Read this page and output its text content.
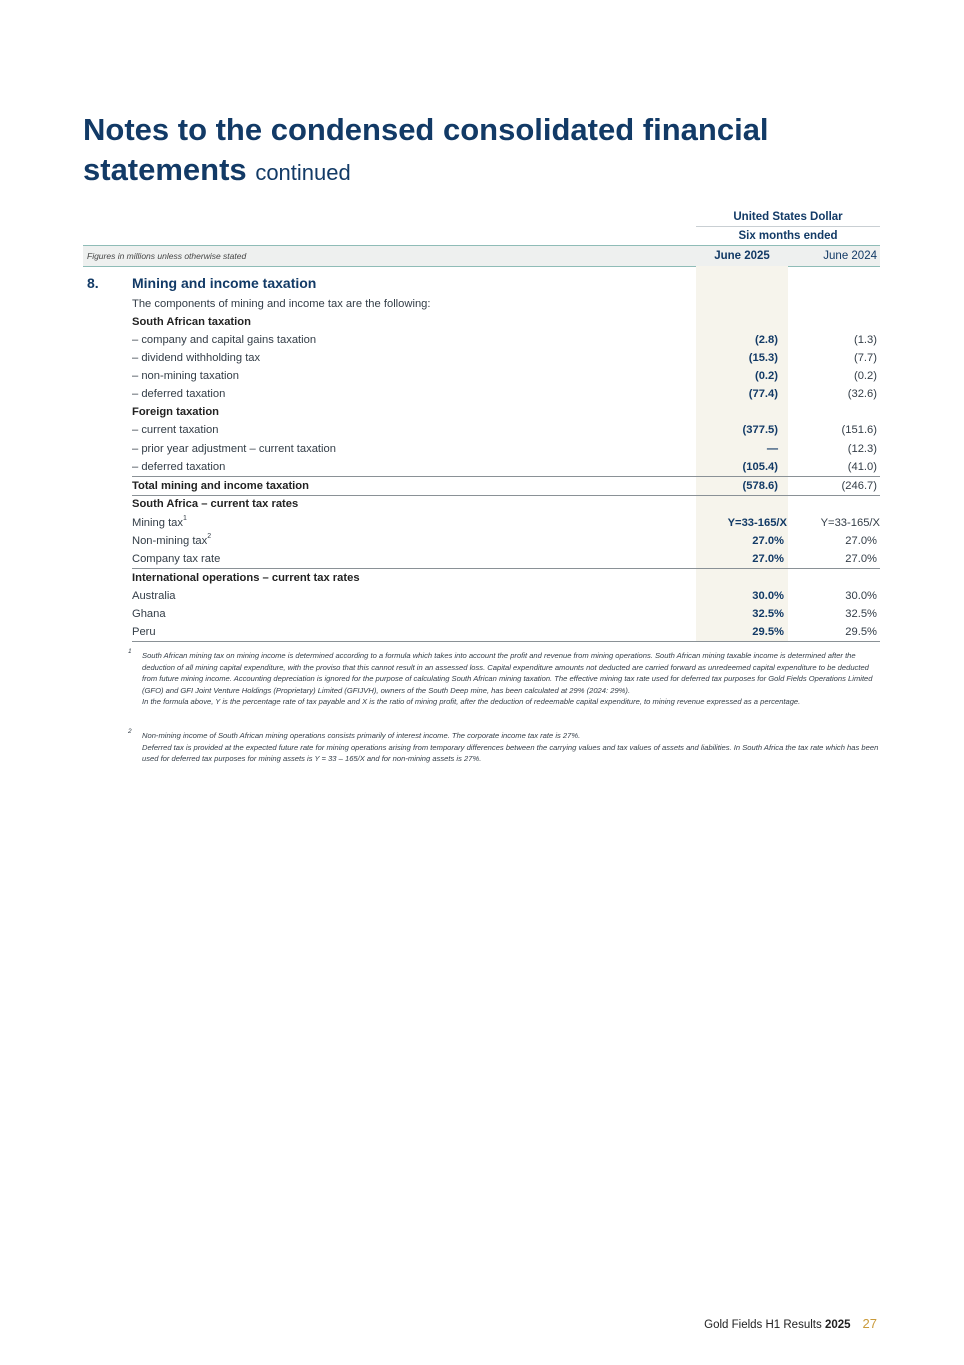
Notes to the condensed consolidated financial statements continued
United States Dollar
Six months ended
Figures in millions unless otherwise stated	June 2025	June 2024
8. Mining and income taxation
The components of mining and income tax are the following:
South African taxation
– company and capital gains taxation	(2.8)	(1.3)
– dividend withholding tax	(15.3)	(7.7)
– non-mining taxation	(0.2)	(0.2)
– deferred taxation	(77.4)	(32.6)
Foreign taxation
– current taxation	(377.5)	(151.6)
– prior year adjustment – current taxation	—	(12.3)
– deferred taxation	(105.4)	(41.0)
Total mining and income taxation	(578.6)	(246.7)
South Africa – current tax rates
Mining tax$^1$	Y=33-165/X	Y=33-165/X
Non-mining tax$^2$	27.0%	27.0%
Company tax rate	27.0%	27.0%
International operations – current tax rates
Australia	30.0%	30.0%
Ghana	32.5%	32.5%
Peru	29.5%	29.5%
1 South African mining tax on mining income is determined according to a formula which takes into account the profit and revenue from mining operations. South African mining taxable income is determined after the deduction of all mining capital expenditure, with the proviso that this cannot result in an assessed loss. Capital expenditure amounts not deducted are carried forward as unredeemed capital expenditure to be deducted from future mining income. Accounting depreciation is ignored for the purpose of calculating South African mining taxation. The effective mining tax rate used for deferred tax purposes for Gold Fields Operations Limited (GFO) and GFI Joint Venture Holdings (Proprietary) Limited (GFIJVH), owners of the South Deep mine, has been calculated at 29% (2024: 29%).
In the formula above, Y is the percentage rate of tax payable and X is the ratio of mining profit, after the deduction of redeemable capital expenditure, to mining revenue expressed as a percentage.
2 Non-mining income of South African mining operations consists primarily of interest income. The corporate income tax rate is 27%.
Deferred tax is provided at the expected future rate for mining operations arising from temporary differences between the carrying values and tax values of assets and liabilities. In South Africa the tax rate which has been used for deferred tax purposes for mining assets is Y = 33 – 165/X and for non-mining assets is 27%.
Gold Fields H1 Results 2025 27
